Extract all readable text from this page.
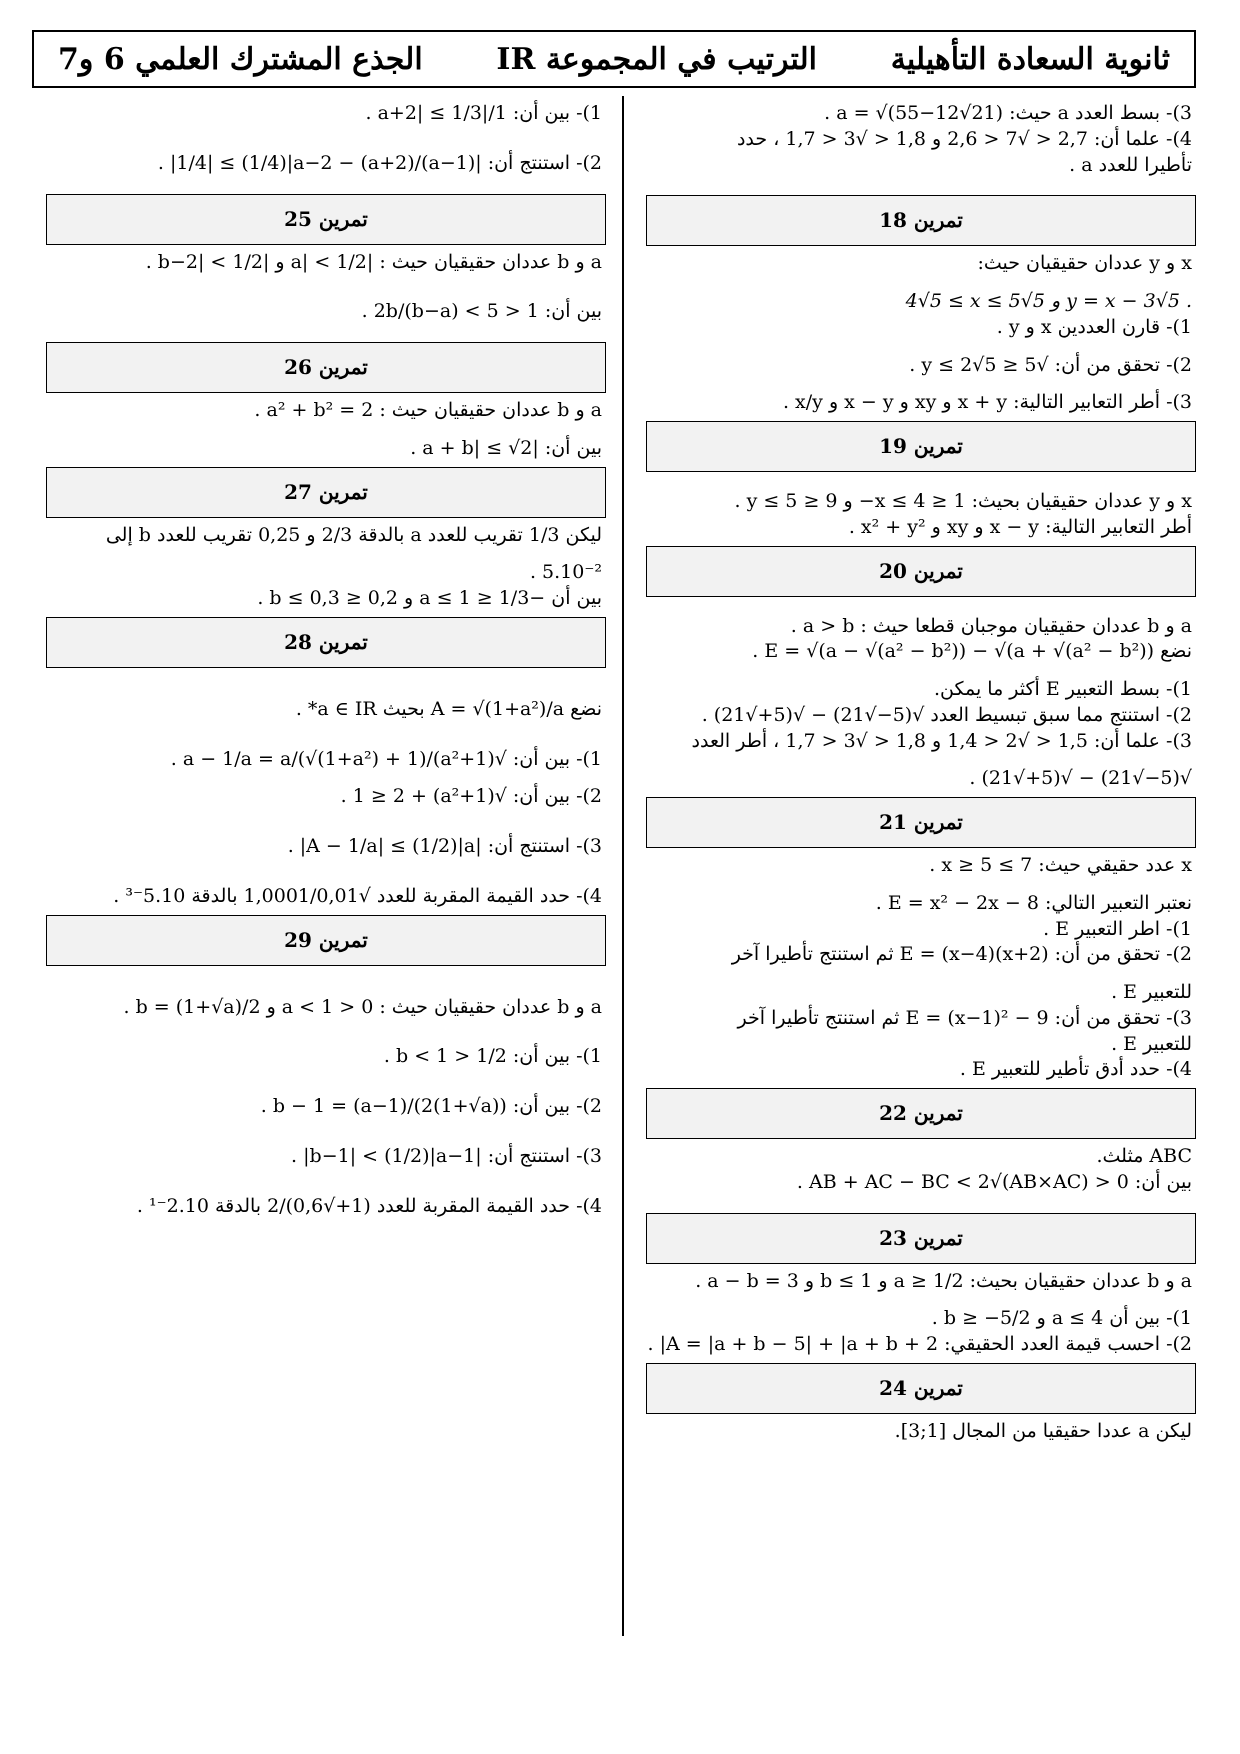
ثانوية السعادة التأهيلية
الترتيب في المجموعة IR
الجذع المشترك العلمي 6 و7
3)- بسط العدد a حيث: a = √(55−12√21) .
4)- علما أن: 2,7 < √7 < 2,6 و 1,8 < √3 < 1,7 ، حدد
تأطيرا للعدد a .
تمرين 18
x و y عددان حقيقيان حيث:
4√5 ≤ x ≤ 5√5 و y = x − 3√5 .
1)- قارن العددين x و y .
2)- تحقق من أن: √5 ≤ y ≤ 2√5 .
3)- أطر التعابير التالية: x + y و xy و x − y و x/y .
تمرين 19
x و y عددان حقيقيان بحيث: 1 ≤ x ≤ 4− و 9 ≤ y ≤ 5 .
أطر التعابير التالية: x − y و xy و x² + y² .
تمرين 20
a و b عددان حقيقيان موجبان قطعا حيث : a > b .
نضع E = √(a − √(a² − b²)) − √(a + √(a² − b²)) .
1)- بسط التعبير E أكثر ما يمكن.
2)- استنتج مما سبق تبسيط العدد √(5−√21) − √(5+√21) .
3)- علما أن: 1,5 < √2 < 1,4 و 1,8 < √3 < 1,7 ، أطر العدد
√(5−√21) − √(5+√21) .
تمرين 21
x عدد حقيقي حيث: 7 ≥ x ≥ 5 .
نعتبر التعبير التالي: E = x² − 2x − 8 .
1)- اطر التعبير E .
2)- تحقق من أن: E = (x−4)(x+2) ثم استنتج تأطيرا آخر
للتعبير E .
3)- تحقق من أن: E = (x−1)² − 9 ثم استنتج تأطيرا آخر
للتعبير E .
4)- حدد أدق تأطير للتعبير E .
تمرين 22
ABC مثلث.
بين أن: 0 < AB + AC − BC < 2√(AB×AC) .
تمرين 23
a و b عددان حقيقيان بحيث: a ≥ 1/2 و b ≤ 1 و a − b = 3 .
1)- بين أن a ≤ 4 و b ≥ −5/2 .
2)- احسب قيمة العدد الحقيقي: A = |a + b − 5| + |a + b + 2| .
تمرين 24
ليكن a عددا حقيقيا من المجال [1;3].
1)- بين أن: 1/|a+2| ≤ 1/3 .
2)- استنتج أن: |(a−1)/(a+2) − 1/4| ≤ (1/4)|a−2| .
تمرين 25
a و b عددان حقيقيان حيث : |a| < 1/2 و |b−2| < 1/2 .
بين أن: 1 < 2b/(b−a) < 5 .
تمرين 26
a و b عددان حقيقيان حيث : a² + b² = 2 .
بين أن: |a + b| ≤ √2 .
تمرين 27
ليكن 1/3 تقريب للعدد a بالدقة 2/3 و 0,25 تقريب للعدد b إلى
5.10⁻² .
بين أن −1/3 ≤ a ≤ 1 و 0,2 ≤ b ≤ 0,3 .
تمرين 28
نضع A = √(1+a²)/a بحيث a ∈ IR* .
1)- بين أن: √(1+a²)/a − 1/a = a/(√(1+a²) + 1) .
2)- بين أن: √(1+a²) + 1 ≥ 2 .
3)- استنتج أن: |A − 1/a| ≤ (1/2)|a| .
4)- حدد القيمة المقربة للعدد √1,0001/0,01 بالدقة 5.10⁻³ .
تمرين 29
a و b عددان حقيقيان حيث : 0 < a < 1 و b = (1+√a)/2 .
1)- بين أن: 1/2 < b < 1 .
2)- بين أن: b − 1 = (a−1)/(2(1+√a)) .
3)- استنتج أن: |b−1| < (1/2)|a−1| .
4)- حدد القيمة المقربة للعدد (1+√0,6)/2 بالدقة 2.10⁻¹ .
